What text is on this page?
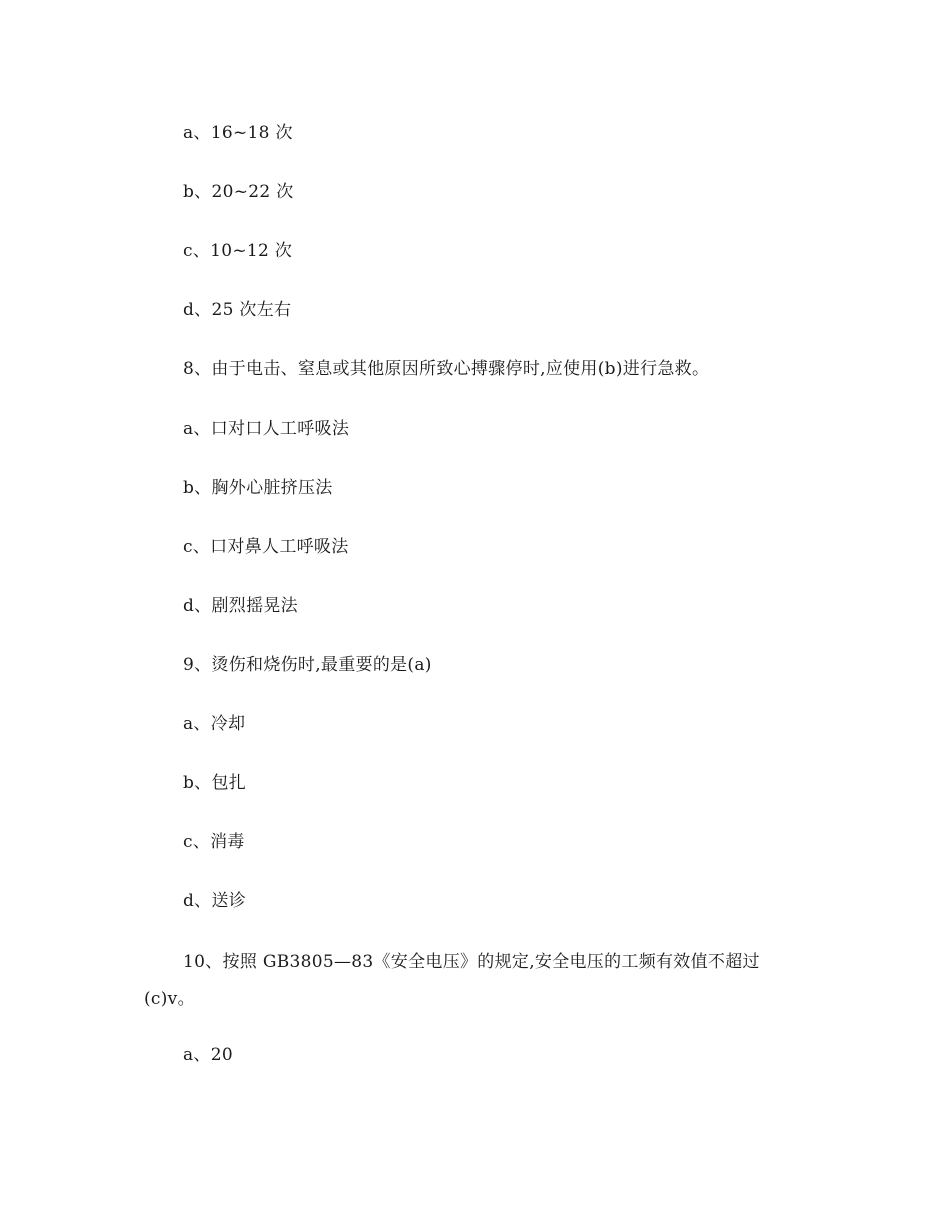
a、16~18 次
b、20~22 次
c、10~12 次
d、25 次左右
8、由于电击、窒息或其他原因所致心搏骤停时,应使用(b)进行急救。
a、口对口人工呼吸法
b、胸外心脏挤压法
c、口对鼻人工呼吸法
d、剧烈摇晃法
9、烫伤和烧伤时,最重要的是(a)
a、冷却
b、包扎
c、消毒
d、送诊
10、按照 GB3805—83《安全电压》的规定,安全电压的工频有效值不超过
(c)v。
a、20
